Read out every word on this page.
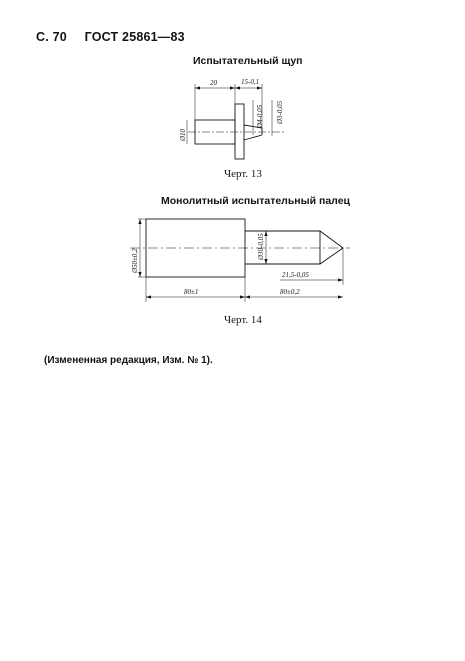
С. 70 ГОСТ 25861—83
Испытательный щуп
20	15-0,1
Ø10
Ø4-0,05 Ø3-0,05
Ø50±0,2
Ø30-0,05
80±1	80±0,2
21,5-0,05
Черт. 13
Монолитный испытательный палец
Черт. 14
(Измененная редакция, Изм. № 1).
